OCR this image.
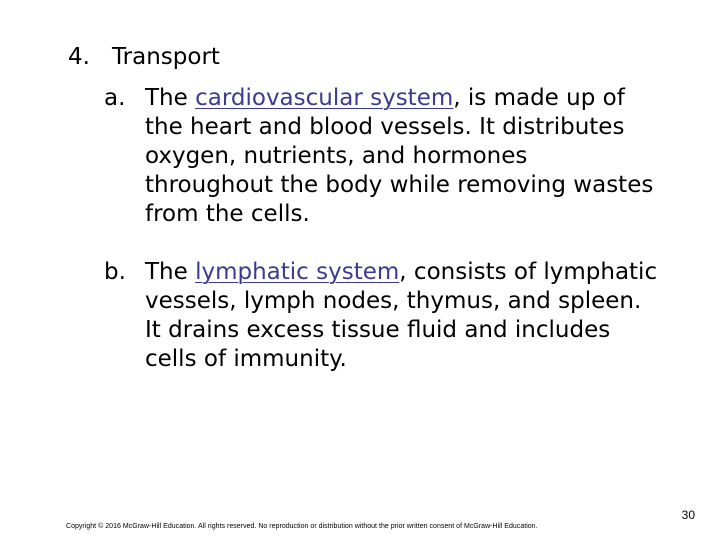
4. Transport
a. The cardiovascular system, is made up of
the heart and blood vessels. It distributes
oxygen, nutrients, and hormones
throughout the body while removing wastes
from the cells.
b. The lymphatic system, consists of lymphatic
vessels, lymph nodes, thymus, and spleen.
It drains excess tissue fluid and includes
cells of immunity.
30
Copyright © 2016 McGraw-Hill Education. All rights reserved. No reproduction or distribution without the prior written consent of McGraw-Hill Education.
